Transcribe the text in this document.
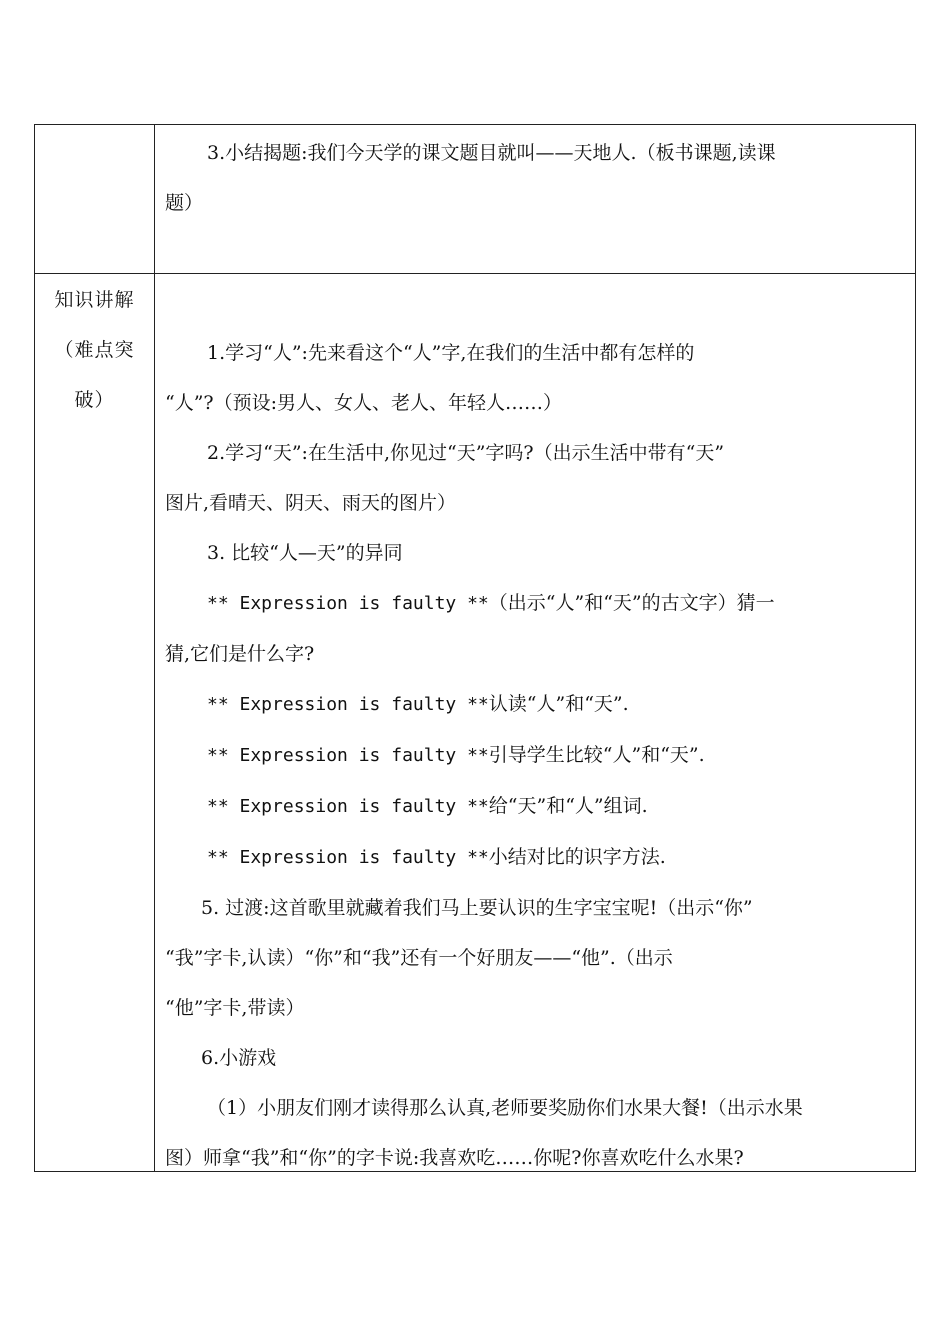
3.小结揭题:我们今天学的课文题目就叫——天地人.（板书课题,读课

题）

知识讲解
（难点突
破）

1.学习“人”:先来看这个“人”字,在我们的生活中都有怎样的

“人”?（预设:男人、女人、老人、年轻人……）

2.学习“天”:在生活中,你见过“天”字吗?（出示生活中带有“天”

图片,看晴天、阴天、雨天的图片）

3. 比较“人—天”的异同

** Expression is faulty **（出示“人”和“天”的古文字）猜一

猜,它们是什么字?

** Expression is faulty **认读“人”和“天”.

** Expression is faulty **引导学生比较“人”和“天”.

** Expression is faulty **给“天”和“人”组词.

** Expression is faulty **小结对比的识字方法.

5. 过渡:这首歌里就藏着我们马上要认识的生字宝宝呢!（出示“你”

“我”字卡,认读）“你”和“我”还有一个好朋友——“他”.（出示

“他”字卡,带读）

6.小游戏

（1）小朋友们刚才读得那么认真,老师要奖励你们水果大餐!（出示水果

图）师拿“我”和“你”的字卡说:我喜欢吃……你呢?你喜欢吃什么水果?
